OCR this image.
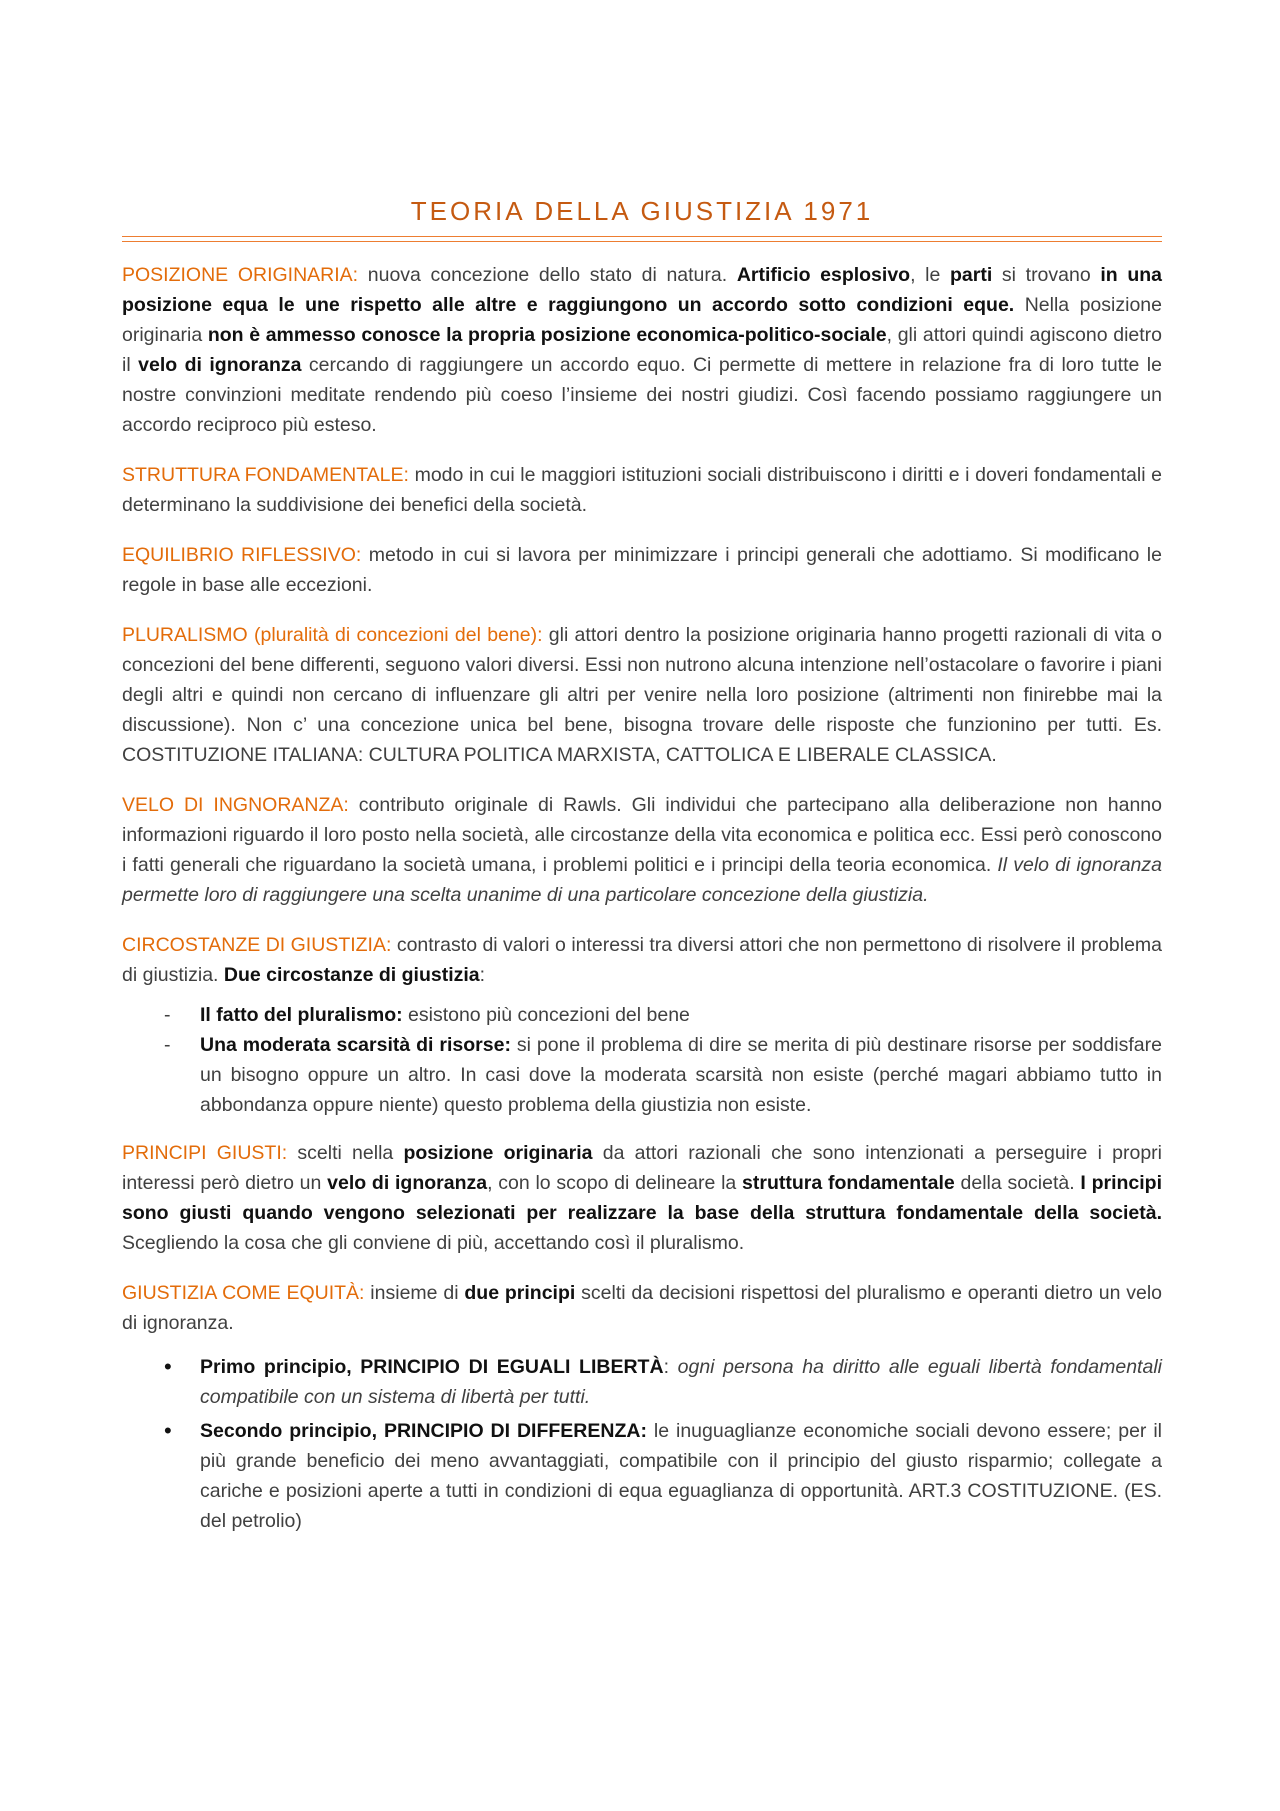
TEORIA DELLA GIUSTIZIA 1971

POSIZIONE ORIGINARIA: nuova concezione dello stato di natura. Artificio esplosivo, le parti si trovano in una posizione equa le une rispetto alle altre e raggiungono un accordo sotto condizioni eque. Nella posizione originaria non è ammesso conosce la propria posizione economica-politico-sociale, gli attori quindi agiscono dietro il velo di ignoranza cercando di raggiungere un accordo equo. Ci permette di mettere in relazione fra di loro tutte le nostre convinzioni meditate rendendo più coeso l’insieme dei nostri giudizi. Così facendo possiamo raggiungere un accordo reciproco più esteso.

STRUTTURA FONDAMENTALE: modo in cui le maggiori istituzioni sociali distribuiscono i diritti e i doveri fondamentali e determinano la suddivisione dei benefici della società.

EQUILIBRIO RIFLESSIVO: metodo in cui si lavora per minimizzare i principi generali che adottiamo. Si modificano le regole in base alle eccezioni.

PLURALISMO (pluralità di concezioni del bene): gli attori dentro la posizione originaria hanno progetti razionali di vita o concezioni del bene differenti, seguono valori diversi. Essi non nutrono alcuna intenzione nell’ostacolare o favorire i piani degli altri e quindi non cercano di influenzare gli altri per venire nella loro posizione (altrimenti non finirebbe mai la discussione). Non c’ una concezione unica bel bene, bisogna trovare delle risposte che funzionino per tutti. Es. COSTITUZIONE ITALIANA: CULTURA POLITICA MARXISTA, CATTOLICA E LIBERALE CLASSICA.

VELO DI INGNORANZA: contributo originale di Rawls. Gli individui che partecipano alla deliberazione non hanno informazioni riguardo il loro posto nella società, alle circostanze della vita economica e politica ecc. Essi però conoscono i fatti generali che riguardano la società umana, i problemi politici e i principi della teoria economica. Il velo di ignoranza permette loro di raggiungere una scelta unanime di una particolare concezione della giustizia.

CIRCOSTANZE DI GIUSTIZIA: contrasto di valori o interessi tra diversi attori che non permettono di risolvere il problema di giustizia. Due circostanze di giustizia:

- Il fatto del pluralismo: esistono più concezioni del bene
- Una moderata scarsità di risorse: si pone il problema di dire se merita di più destinare risorse per soddisfare un bisogno oppure un altro. In casi dove la moderata scarsità non esiste (perché magari abbiamo tutto in abbondanza oppure niente) questo problema della giustizia non esiste.

PRINCIPI GIUSTI: scelti nella posizione originaria da attori razionali che sono intenzionati a perseguire i propri interessi però dietro un velo di ignoranza, con lo scopo di delineare la struttura fondamentale della società. I principi sono giusti quando vengono selezionati per realizzare la base della struttura fondamentale della società. Scegliendo la cosa che gli conviene di più, accettando così il pluralismo.

GIUSTIZIA COME EQUITÀ: insieme di due principi scelti da decisioni rispettosi del pluralismo e operanti dietro un velo di ignoranza.

• Primo principio, PRINCIPIO DI EGUALI LIBERTÀ: ogni persona ha diritto alle eguali libertà fondamentali compatibile con un sistema di libertà per tutti.
• Secondo principio, PRINCIPIO DI DIFFERENZA: le inuguaglianze economiche sociali devono essere; per il più grande beneficio dei meno avvantaggiati, compatibile con il principio del giusto risparmio; collegate a cariche e posizioni aperte a tutti in condizioni di equa eguaglianza di opportunità. ART.3 COSTITUZIONE. (ES. del petrolio)
